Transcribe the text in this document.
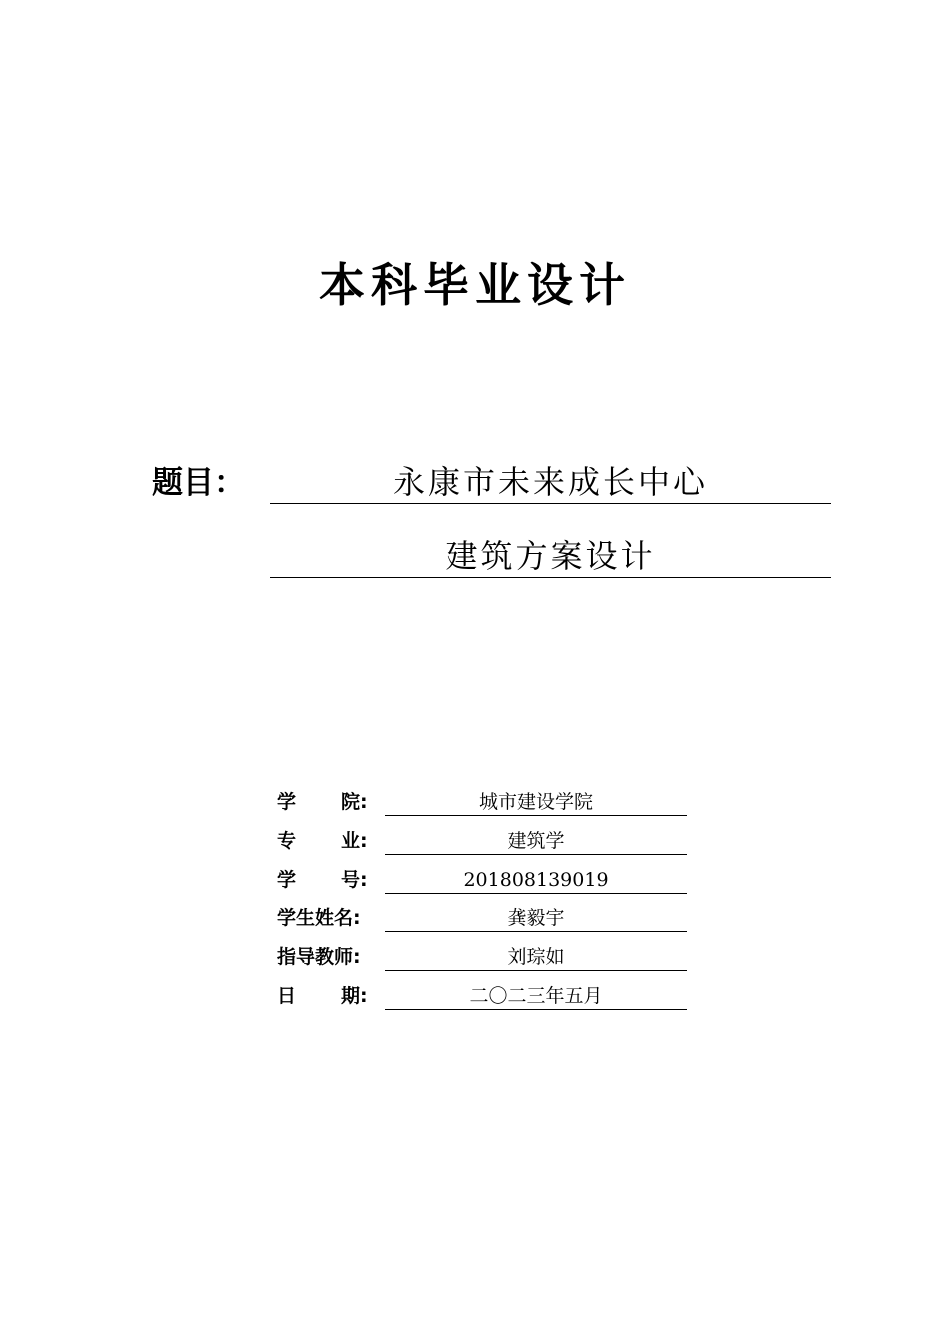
本科毕业设计
题目：	永康市未来成长中心
建筑方案设计
学 院:	城市建设学院
专 业:	建筑学
学 号:	201808139019
学生姓名:	龚毅宇
指导教师:	刘琮如
日 期:	二〇二三年五月
